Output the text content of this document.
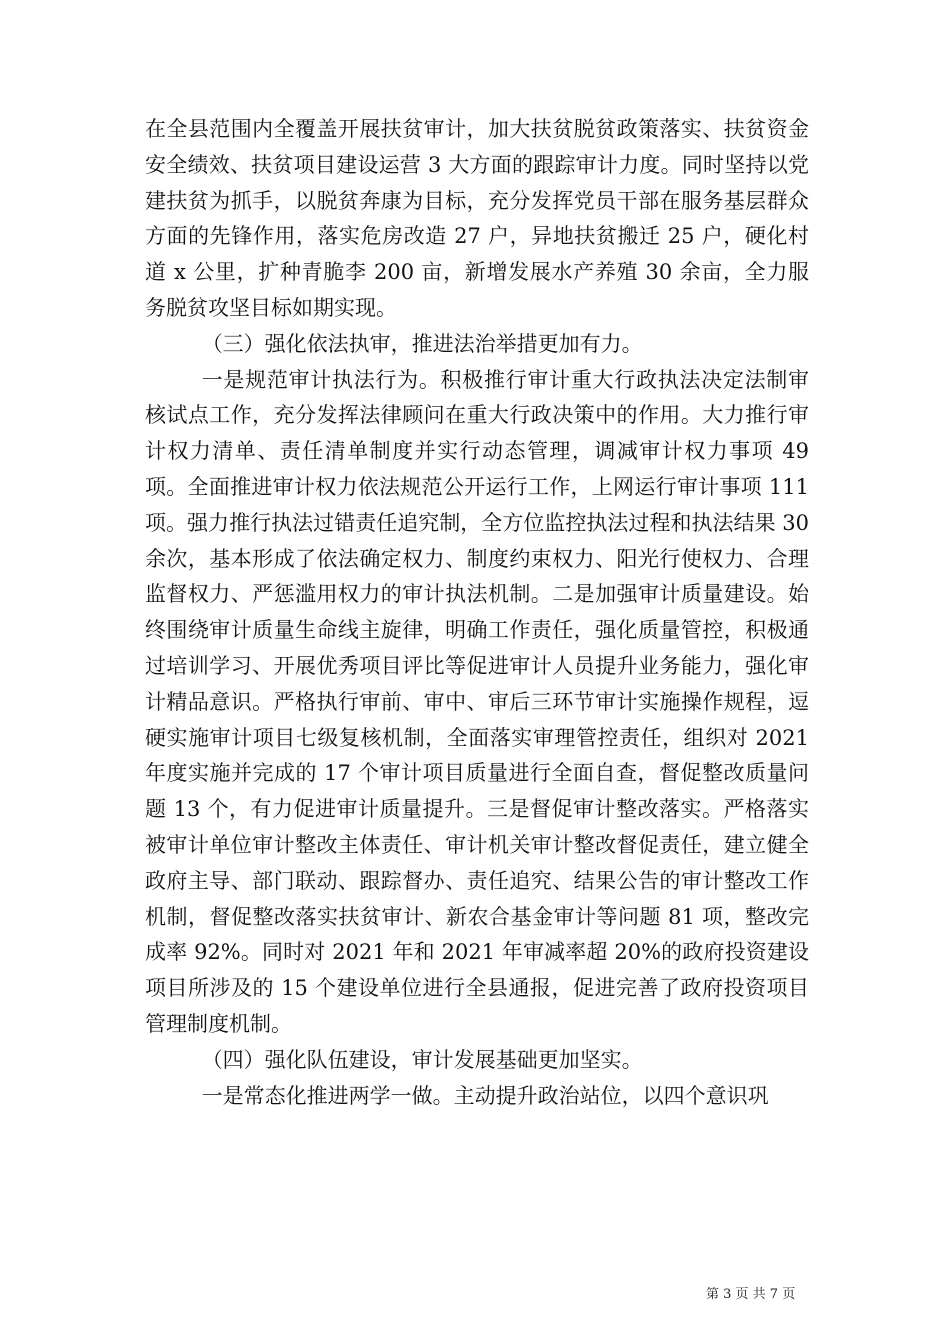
在全县范围内全覆盖开展扶贫审计，加大扶贫脱贫政策落实、扶贫资金安全绩效、扶贫项目建设运营 3 大方面的跟踪审计力度。同时坚持以党建扶贫为抓手，以脱贫奔康为目标，充分发挥党员干部在服务基层群众方面的先锋作用，落实危房改造 27 户，异地扶贫搬迁 25 户，硬化村道 x 公里，扩种青脆李 200 亩，新增发展水产养殖 30 余亩，全力服务脱贫攻坚目标如期实现。

（三）强化依法执审，推进法治举措更加有力。

一是规范审计执法行为。积极推行审计重大行政执法决定法制审核试点工作，充分发挥法律顾问在重大行政决策中的作用。大力推行审计权力清单、责任清单制度并实行动态管理，调减审计权力事项 49 项。全面推进审计权力依法规范公开运行工作，上网运行审计事项 111 项。强力推行执法过错责任追究制，全方位监控执法过程和执法结果 30 余次，基本形成了依法确定权力、制度约束权力、阳光行使权力、合理监督权力、严惩滥用权力的审计执法机制。二是加强审计质量建设。始终围绕审计质量生命线主旋律，明确工作责任，强化质量管控，积极通过培训学习、开展优秀项目评比等促进审计人员提升业务能力，强化审计精品意识。严格执行审前、审中、审后三环节审计实施操作规程，逗硬实施审计项目七级复核机制，全面落实审理管控责任，组织对 2021 年度实施并完成的 17 个审计项目质量进行全面自查，督促整改质量问题 13 个，有力促进审计质量提升。三是督促审计整改落实。严格落实被审计单位审计整改主体责任、审计机关审计整改督促责任，建立健全政府主导、部门联动、跟踪督办、责任追究、结果公告的审计整改工作机制，督促整改落实扶贫审计、新农合基金审计等问题 81 项，整改完成率 92%。同时对 2021 年和 2021 年审减率超 20%的政府投资建设项目所涉及的 15 个建设单位进行全县通报，促进完善了政府投资项目管理制度机制。

（四）强化队伍建设，审计发展基础更加坚实。

一是常态化推进两学一做。主动提升政治站位，以四个意识巩

第 3 页 共 7 页
